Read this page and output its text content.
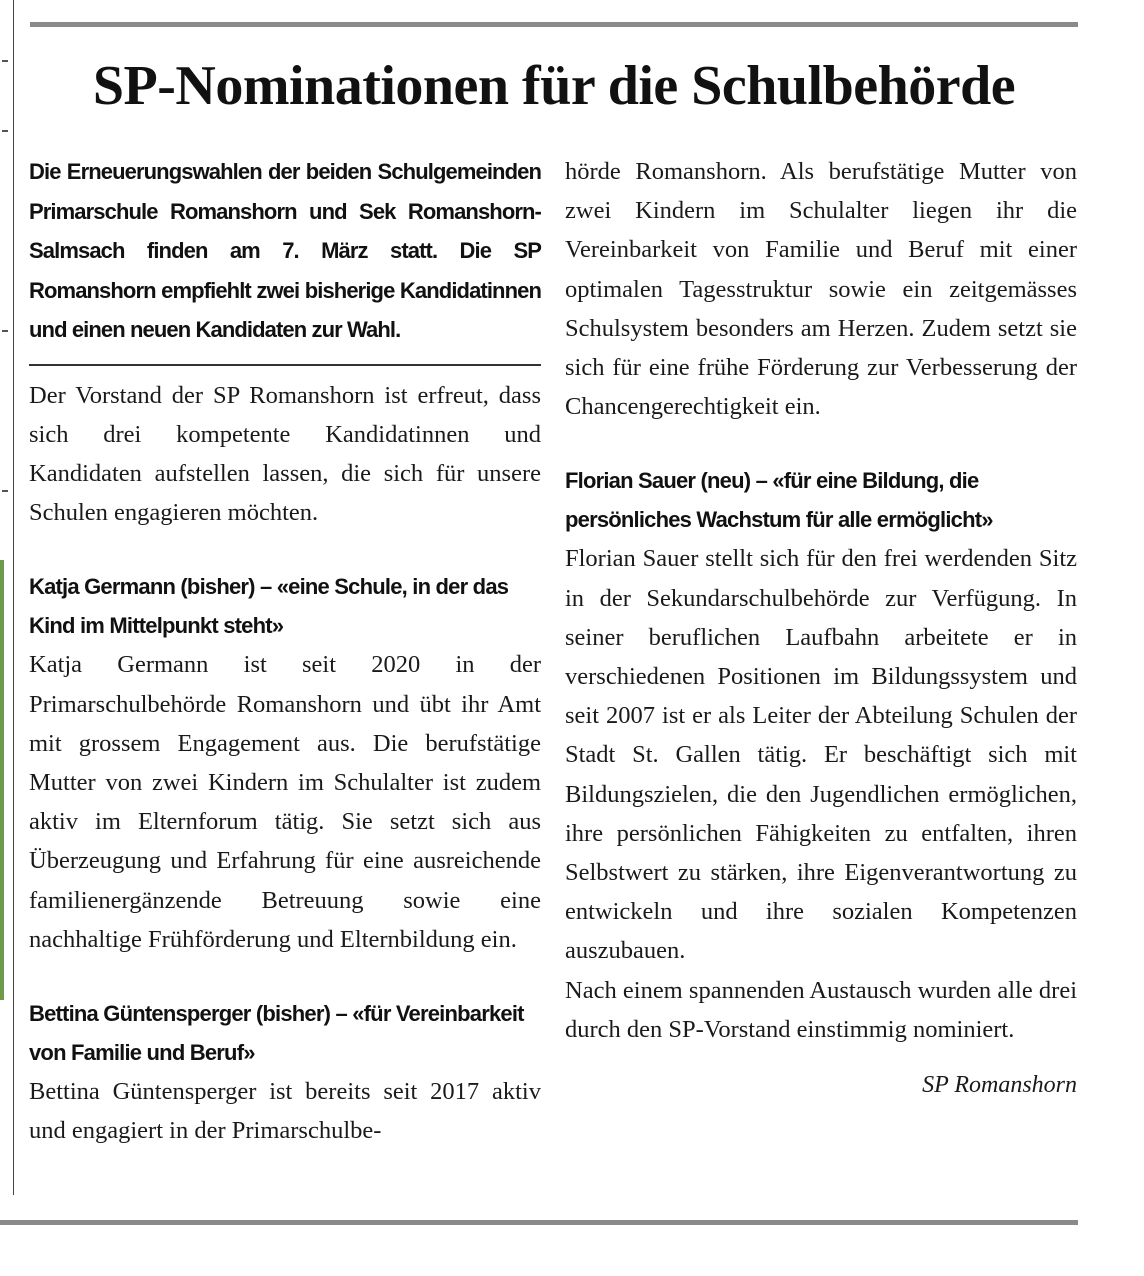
SP-Nominationen für die Schulbehörde

Die Erneuerungswahlen der beiden Schulgemeinden Primarschule Romanshorn und Sek Romanshorn-Salmsach finden am 7. März statt. Die SP Romanshorn empfiehlt zwei bisherige Kandidatinnen und einen neuen Kandidaten zur Wahl.

Der Vorstand der SP Romanshorn ist erfreut, dass sich drei kompetente Kandidatinnen und Kandidaten aufstellen lassen, die sich für unsere Schulen engagieren möchten.

Katja Germann (bisher) – «eine Schule, in der das Kind im Mittelpunkt steht»

Katja Germann ist seit 2020 in der Primarschulbehörde Romanshorn und übt ihr Amt mit grossem Engagement aus. Die berufstätige Mutter von zwei Kindern im Schulalter ist zudem aktiv im Elternforum tätig. Sie setzt sich aus Überzeugung und Erfahrung für eine ausreichende familienergänzende Betreuung sowie eine nachhaltige Frühförderung und Elternbildung ein.

Bettina Güntensperger (bisher) – «für Vereinbarkeit von Familie und Beruf»

Bettina Güntensperger ist bereits seit 2017 aktiv und engagiert in der Primarschulbe-

hörde Romanshorn. Als berufstätige Mutter von zwei Kindern im Schulalter liegen ihr die Vereinbarkeit von Familie und Beruf mit einer optimalen Tagesstruktur sowie ein zeitgemässes Schulsystem besonders am Herzen. Zudem setzt sie sich für eine frühe Förderung zur Verbesserung der Chancengerechtigkeit ein.

Florian Sauer (neu) – «für eine Bildung, die persönliches Wachstum für alle ermöglicht»

Florian Sauer stellt sich für den frei werdenden Sitz in der Sekundarschulbehörde zur Verfügung. In seiner beruflichen Laufbahn arbeitete er in verschiedenen Positionen im Bildungssystem und seit 2007 ist er als Leiter der Abteilung Schulen der Stadt St. Gallen tätig. Er beschäftigt sich mit Bildungszielen, die den Jugendlichen ermöglichen, ihre persönlichen Fähigkeiten zu entfalten, ihren Selbstwert zu stärken, ihre Eigenverantwortung zu entwickeln und ihre sozialen Kompetenzen auszubauen.

Nach einem spannenden Austausch wurden alle drei durch den SP-Vorstand einstimmig nominiert.

SP Romanshorn
